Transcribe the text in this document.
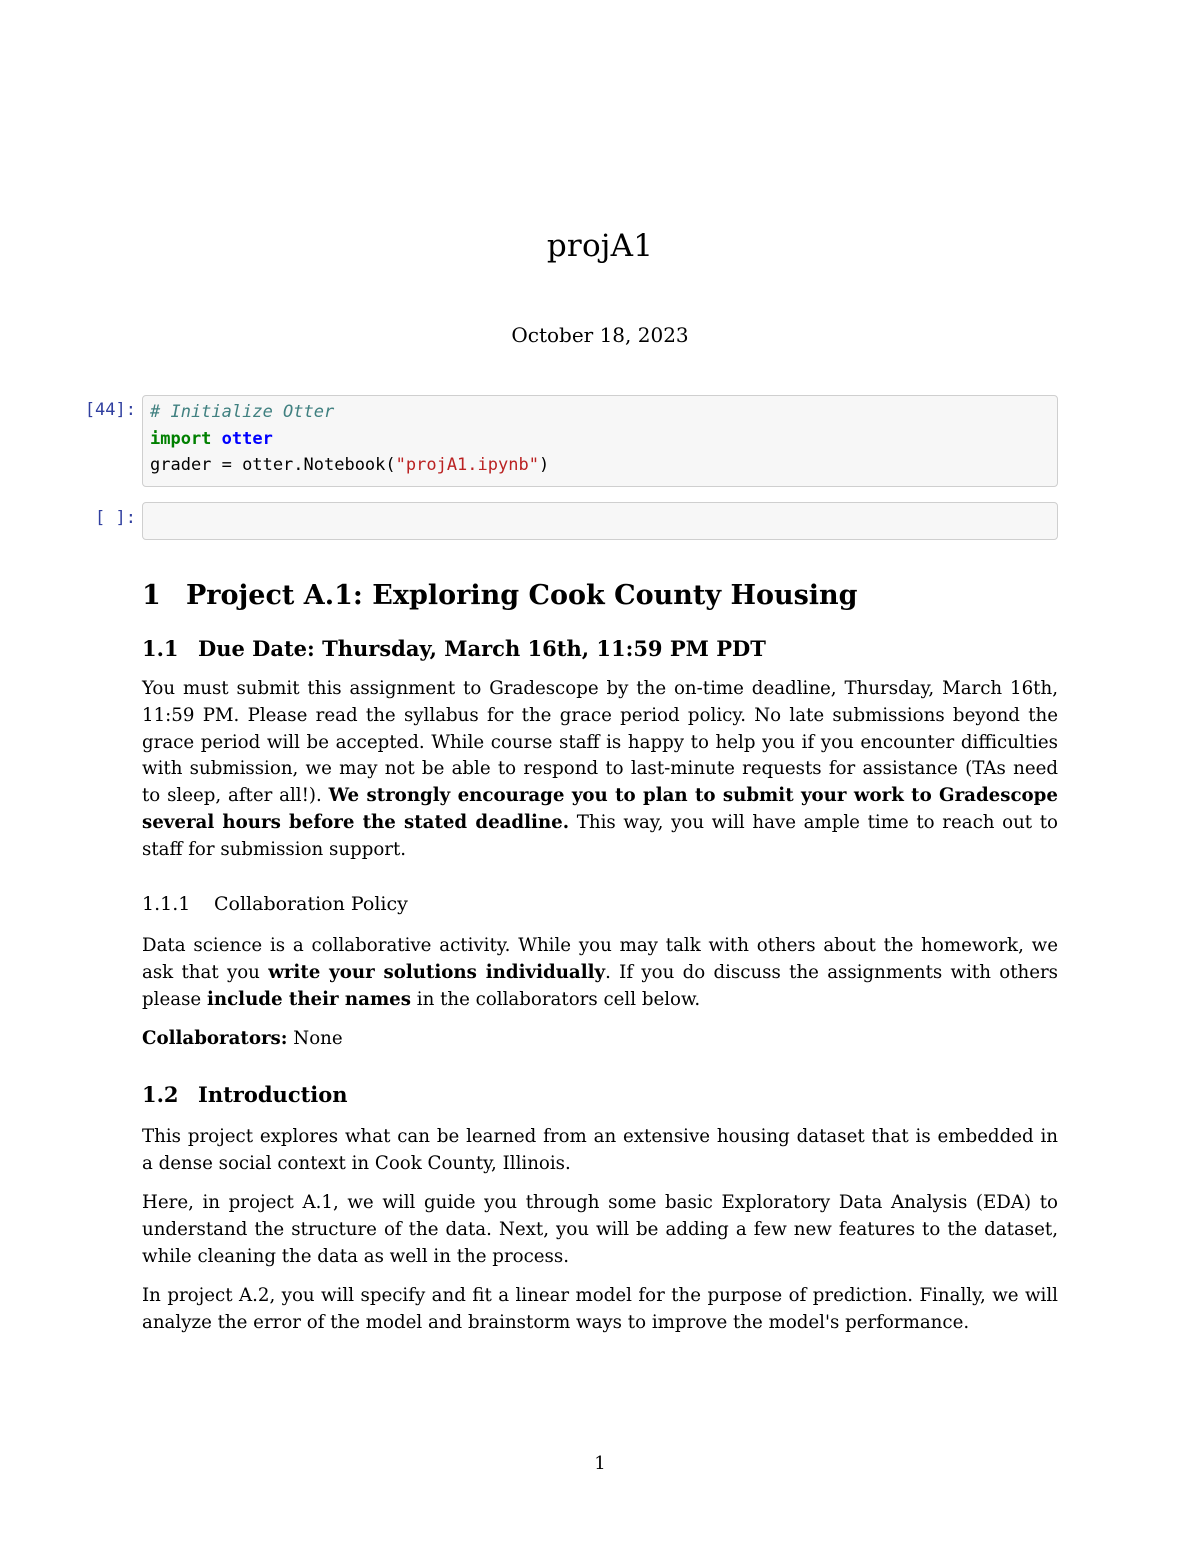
projA1
October 18, 2023
[44]: # Initialize Otter
import otter
grader = otter.Notebook("projA1.ipynb")
[ ]:
1 Project A.1: Exploring Cook County Housing
1.1 Due Date: Thursday, March 16th, 11:59 PM PDT
You must submit this assignment to Gradescope by the on-time deadline, Thursday, March 16th, 11:59 PM. Please read the syllabus for the grace period policy. No late submissions beyond the grace period will be accepted. While course staff is happy to help you if you encounter difficulties with submission, we may not be able to respond to last-minute requests for assistance (TAs need to sleep, after all!). We strongly encourage you to plan to submit your work to Gradescope several hours before the stated deadline. This way, you will have ample time to reach out to staff for submission support.
1.1.1 Collaboration Policy
Data science is a collaborative activity. While you may talk with others about the homework, we ask that you write your solutions individually. If you do discuss the assignments with others please include their names in the collaborators cell below.
Collaborators: None
1.2 Introduction
This project explores what can be learned from an extensive housing dataset that is embedded in a dense social context in Cook County, Illinois.
Here, in project A.1, we will guide you through some basic Exploratory Data Analysis (EDA) to understand the structure of the data. Next, you will be adding a few new features to the dataset, while cleaning the data as well in the process.
In project A.2, you will specify and fit a linear model for the purpose of prediction. Finally, we will analyze the error of the model and brainstorm ways to improve the model's performance.
1
